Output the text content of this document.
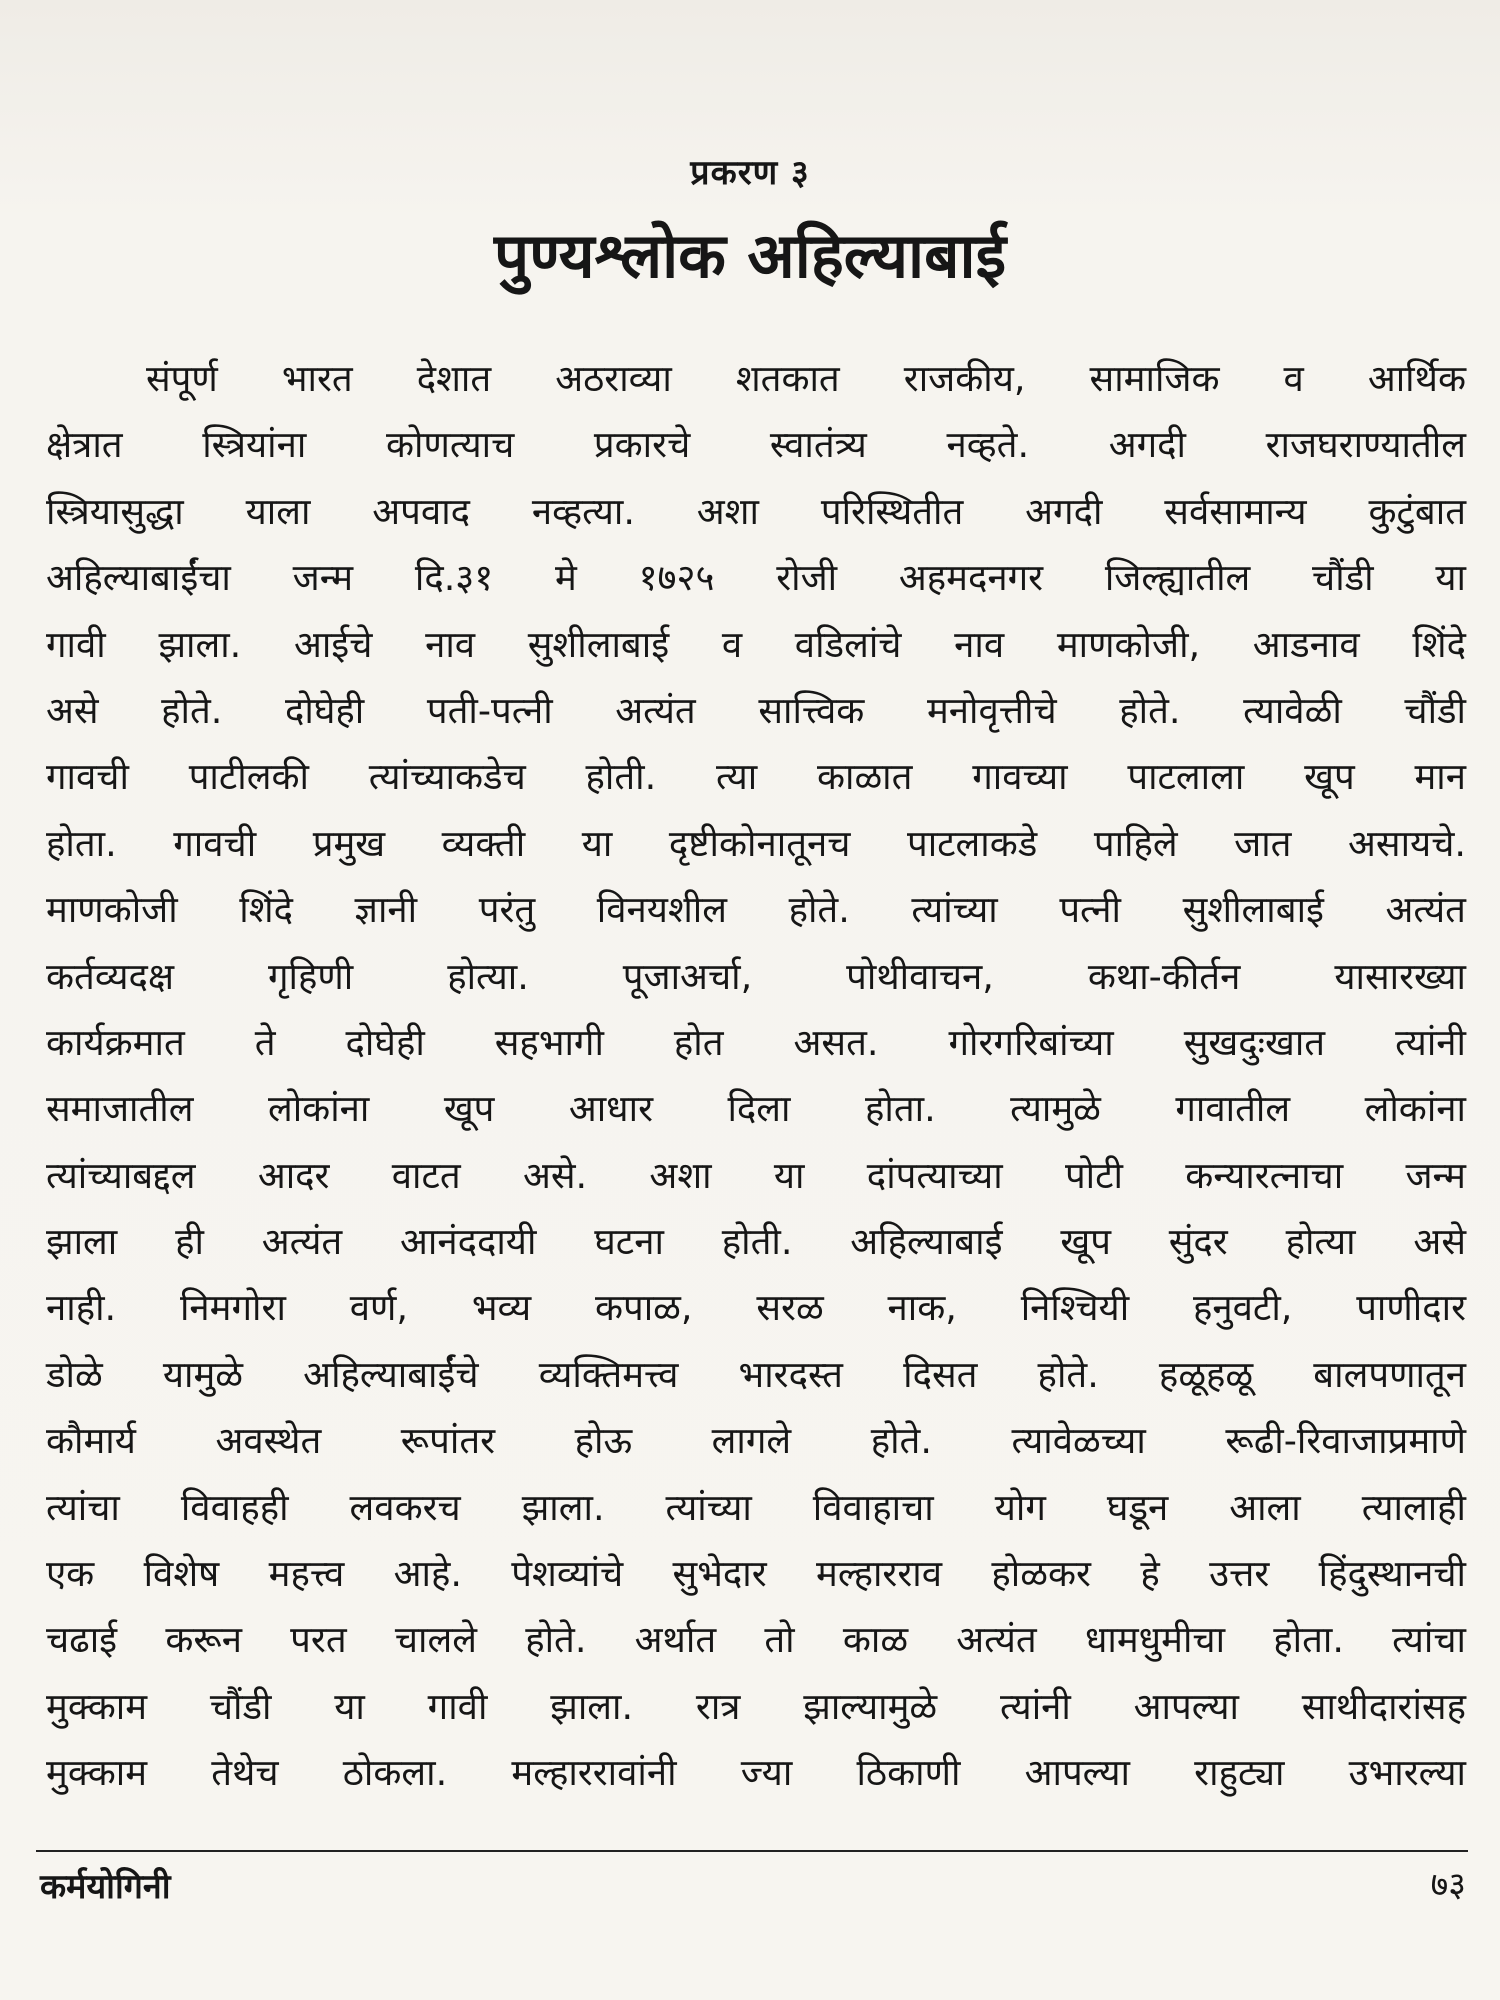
प्रकरण ३
पुण्यश्लोक अहिल्याबाई
संपूर्ण भारत देशात अठराव्या शतकात राजकीय, सामाजिक व आर्थिक
क्षेत्रात स्त्रियांना कोणत्याच प्रकारचे स्वातंत्र्य नव्हते. अगदी राजघराण्यातील
स्त्रियासुद्धा याला अपवाद नव्हत्या. अशा परिस्थितीत अगदी सर्वसामान्य कुटुंबात
अहिल्याबाईंचा जन्म दि.३१ मे १७२५ रोजी अहमदनगर जिल्ह्यातील चौंडी या
गावी झाला. आईचे नाव सुशीलाबाई व वडिलांचे नाव माणकोजी, आडनाव शिंदे
असे होते. दोघेही पती-पत्नी अत्यंत सात्त्विक मनोवृत्तीचे होते. त्यावेळी चौंडी
गावची पाटीलकी त्यांच्याकडेच होती. त्या काळात गावच्या पाटलाला खूप मान
होता. गावची प्रमुख व्यक्ती या दृष्टीकोनातूनच पाटलाकडे पाहिले जात असायचे.
माणकोजी शिंदे ज्ञानी परंतु विनयशील होते. त्यांच्या पत्नी सुशीलाबाई अत्यंत
कर्तव्यदक्ष गृहिणी होत्या. पूजाअर्चा, पोथीवाचन, कथा-कीर्तन यासारख्या
कार्यक्रमात ते दोघेही सहभागी होत असत. गोरगरिबांच्या सुखदुःखात त्यांनी
समाजातील लोकांना खूप आधार दिला होता. त्यामुळे गावातील लोकांना
त्यांच्याबद्दल आदर वाटत असे. अशा या दांपत्याच्या पोटी कन्यारत्नाचा जन्म
झाला ही अत्यंत आनंददायी घटना होती. अहिल्याबाई खूप सुंदर होत्या असे
नाही. निमगोरा वर्ण, भव्य कपाळ, सरळ नाक, निश्चियी हनुवटी, पाणीदार
डोळे यामुळे अहिल्याबाईंचे व्यक्तिमत्त्व भारदस्त दिसत होते. हळूहळू बालपणातून
कौमार्य अवस्थेत रूपांतर होऊ लागले होते. त्यावेळच्या रूढी-रिवाजाप्रमाणे
त्यांचा विवाहही लवकरच झाला. त्यांच्या विवाहाचा योग घडून आला त्यालाही
एक विशेष महत्त्व आहे. पेशव्यांचे सुभेदार मल्हारराव होळकर हे उत्तर हिंदुस्थानची
चढाई करून परत चालले होते. अर्थात तो काळ अत्यंत धामधुमीचा होता. त्यांचा
मुक्काम चौंडी या गावी झाला. रात्र झाल्यामुळे त्यांनी आपल्या साथीदारांसह
मुक्काम तेथेच ठोकला. मल्हाररावांनी ज्या ठिकाणी आपल्या राहुट्या उभारल्या
कर्मयोगिनी	७३
